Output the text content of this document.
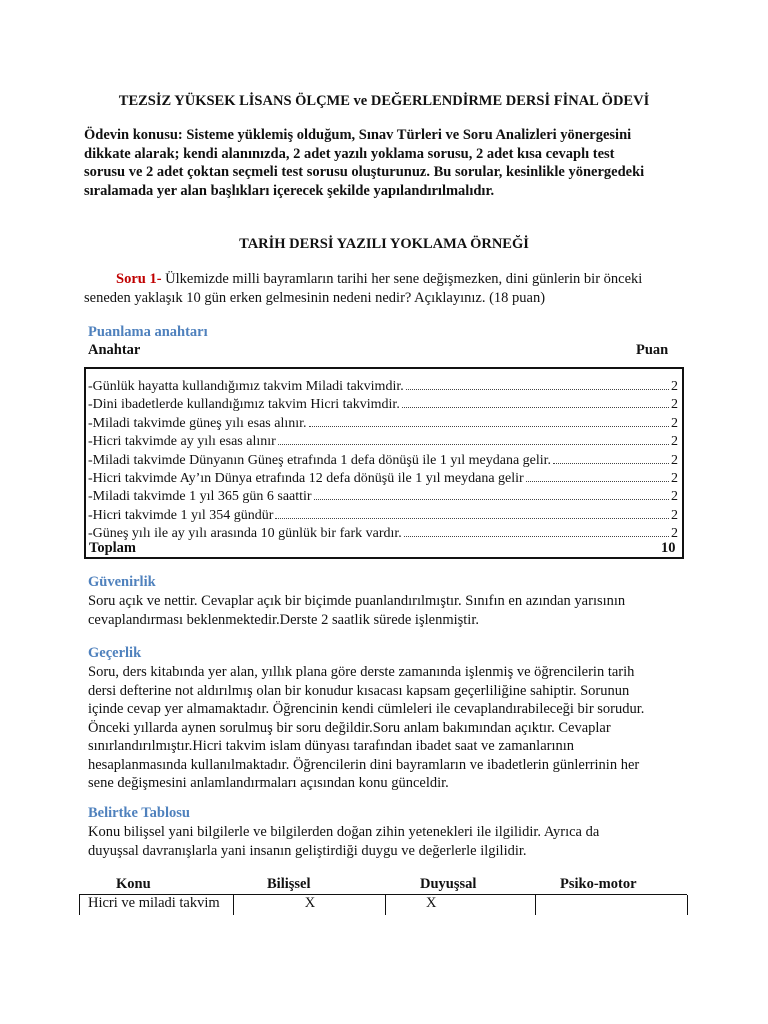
TEZSİZ YÜKSEK LİSANS ÖLÇME ve DEĞERLENDİRME DERSİ FİNAL ÖDEVİ
Ödevin konusu: Sisteme yüklemiş olduğum, Sınav Türleri ve Soru Analizleri yönergesini
dikkate alarak; kendi alanınızda, 2 adet yazılı yoklama sorusu, 2 adet kısa cevaplı test
sorusu ve 2 adet çoktan seçmeli test sorusu oluşturunuz. Bu sorular, kesinlikle yönergedeki
sıralamada yer alan başlıkları içerecek şekilde yapılandırılmalıdır.
TARİH DERSİ YAZILI YOKLAMA ÖRNEĞİ
Soru 1- Ülkemizde milli bayramların tarihi her sene değişmezken, dini günlerin bir önceki
seneden yaklaşık 10 gün erken gelmesinin nedeni nedir? Açıklayınız. (18 puan)
Puanlama anahtarı
Anahtar	Puan
-Günlük hayatta kullandığımız takvim Miladi takvimdir.	2
-Dini ibadetlerde kullandığımız takvim Hicri takvimdir.	2
-Miladi takvimde güneş yılı esas alınır.	2
-Hicri takvimde ay yılı esas alınır	2
-Miladi takvimde Dünyanın Güneş etrafında 1 defa dönüşü ile 1 yıl meydana gelir.	2
-Hicri takvimde Ay’ın Dünya etrafında 12 defa dönüşü ile 1 yıl meydana gelir	2
-Miladi takvimde 1 yıl 365 gün 6 saattir	2
-Hicri takvimde 1 yıl 354 gündür	2
-Güneş yılı ile ay yılı arasında 10 günlük bir fark vardır.	2
Toplam	10
Güvenirlik
Soru açık ve nettir. Cevaplar açık bir biçimde puanlandırılmıştır. Sınıfın en azından yarısının
cevaplandırması beklenmektedir.Derste 2 saatlik sürede işlenmiştir.
Geçerlik
Soru, ders kitabında yer alan, yıllık plana göre derste zamanında işlenmiş ve öğrencilerin tarih
dersi defterine not aldırılmış olan bir konudur kısacası kapsam geçerliliğine sahiptir. Sorunun
içinde cevap yer almamaktadır. Öğrencinin kendi cümleleri ile cevaplandırabileceği bir sorudur.
Önceki yıllarda aynen sorulmuş bir soru değildir.Soru anlam bakımından açıktır. Cevaplar
sınırlandırılmıştır.Hicri takvim islam dünyası tarafından ibadet saat ve zamanlarının
hesaplanmasında kullanılmaktadır. Öğrencilerin dini bayramların ve ibadetlerin günlerrinin her
sene değişmesini anlamlandırmaları açısından konu günceldir.
Belirtke Tablosu
Konu bilişsel yani bilgilerle ve bilgilerden doğan zihin yetenekleri ile ilgilidir. Ayrıca da
duyuşsal davranışlarla yani insanın geliştirdiği duygu ve değerlerle ilgilidir.
Konu	Bilişsel	Duyuşsal	Psiko-motor
Hicri ve miladi takvim	X	X
